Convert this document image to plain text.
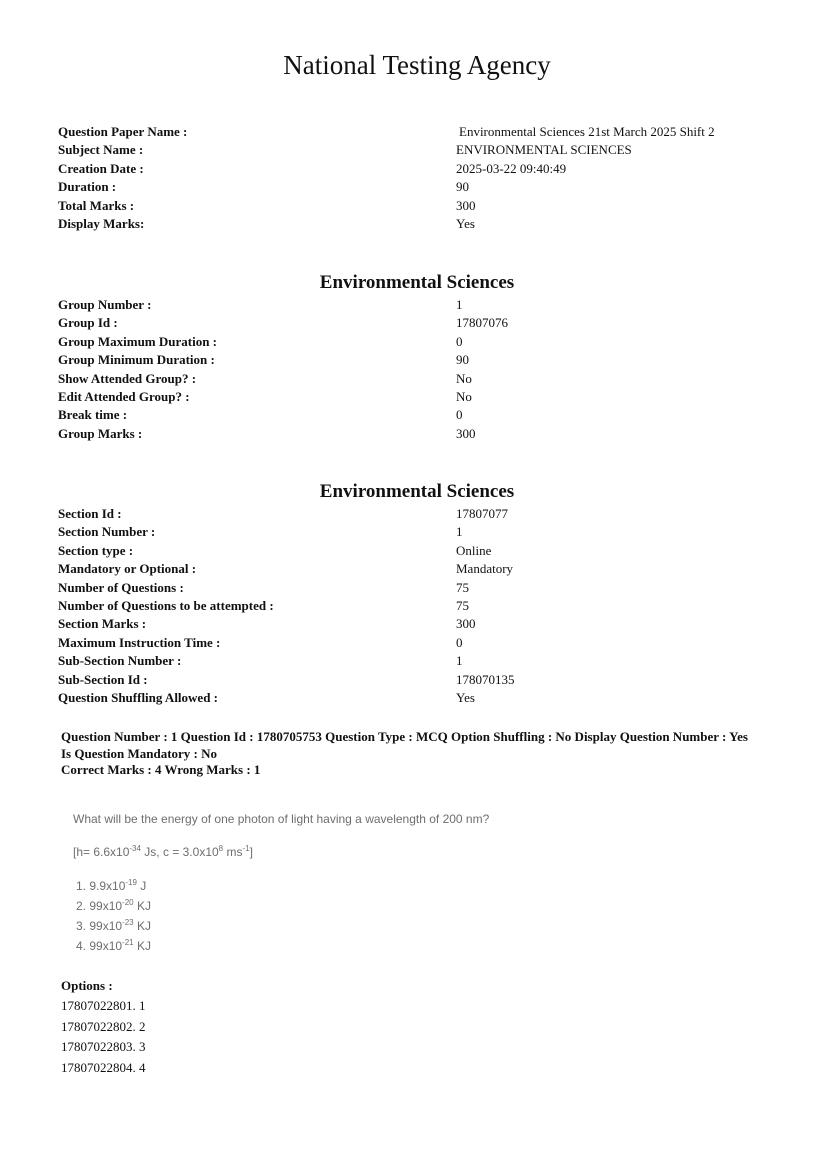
National Testing Agency
Question Paper Name :	Environmental Sciences 21st March 2025 Shift 2
Subject Name :	ENVIRONMENTAL SCIENCES
Creation Date :	2025-03-22 09:40:49
Duration :	90
Total Marks :	300
Display Marks:	Yes
Environmental Sciences
Group Number :	1
Group Id :	17807076
Group Maximum Duration :	0
Group Minimum Duration :	90
Show Attended Group? :	No
Edit Attended Group? :	No
Break time :	0
Group Marks :	300
Environmental Sciences
Section Id :	17807077
Section Number :	1
Section type :	Online
Mandatory or Optional :	Mandatory
Number of Questions :	75
Number of Questions to be attempted :	75
Section Marks :	300
Maximum Instruction Time :	0
Sub-Section Number :	1
Sub-Section Id :	178070135
Question Shuffling Allowed :	Yes
Question Number : 1 Question Id : 1780705753 Question Type : MCQ Option Shuffling : No Display Question Number : Yes
Is Question Mandatory : No
Correct Marks : 4 Wrong Marks : 1
What will be the energy of one photon of light having a wavelength of 200 nm?
[$h= 6.6x10^{-34}$ Js, $c = 3.0x10^8$ $ms^{-1}$]
1. $9.9x10^{-19}$ J
2. $99x10^{-20}$ KJ
3. $99x10^{-23}$ KJ
4. $99x10^{-21}$ KJ
Options :
17807022801. 1
17807022802. 2
17807022803. 3
17807022804. 4
